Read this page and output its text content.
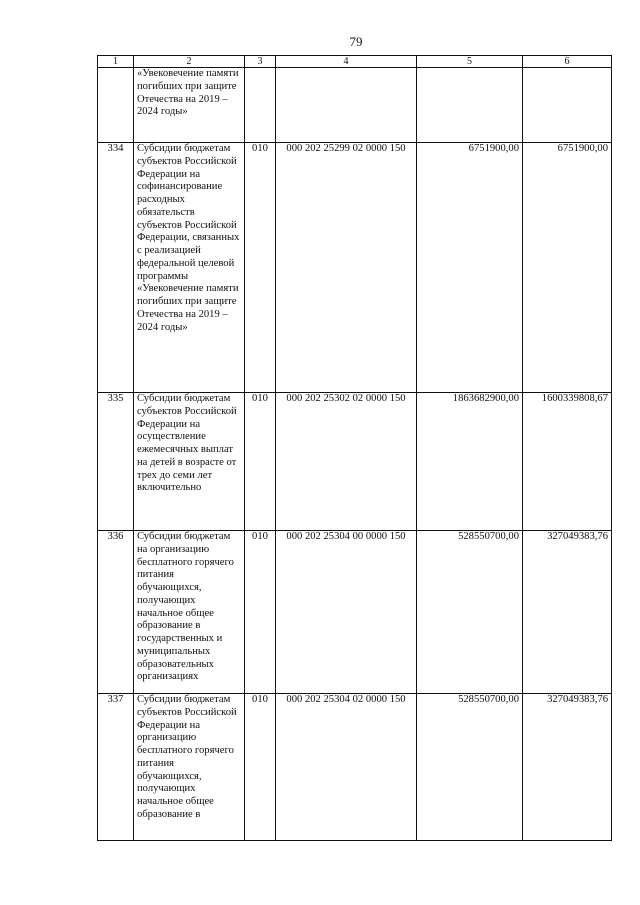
79
1	2	3	4	5	6
	«Увековечение памяти погибших при защите Отечества на 2019 – 2024 годы»				
334	Субсидии бюджетам субъектов Российской Федерации на софинансирование расходных обязательств субъектов Российской Федерации, связанных с реализацией федеральной целевой программы «Увековечение памяти погибших при защите Отечества на 2019 – 2024 годы»	010	000 202 25299 02 0000 150	6751900,00	6751900,00
335	Субсидии бюджетам субъектов Российской Федерации на осуществление ежемесячных выплат на детей в возрасте от трех до семи лет включительно	010	000 202 25302 02 0000 150	1863682900,00	1600339808,67
336	Субсидии бюджетам на организацию бесплатного горячего питания обучающихся, получающих начальное общее образование в государственных и муниципальных образовательных организациях	010	000 202 25304 00 0000 150	528550700,00	327049383,76
337	Субсидии бюджетам субъектов Российской Федерации на организацию бесплатного горячего питания обучающихся, получающих начальное общее образование в	010	000 202 25304 02 0000 150	528550700,00	327049383,76
